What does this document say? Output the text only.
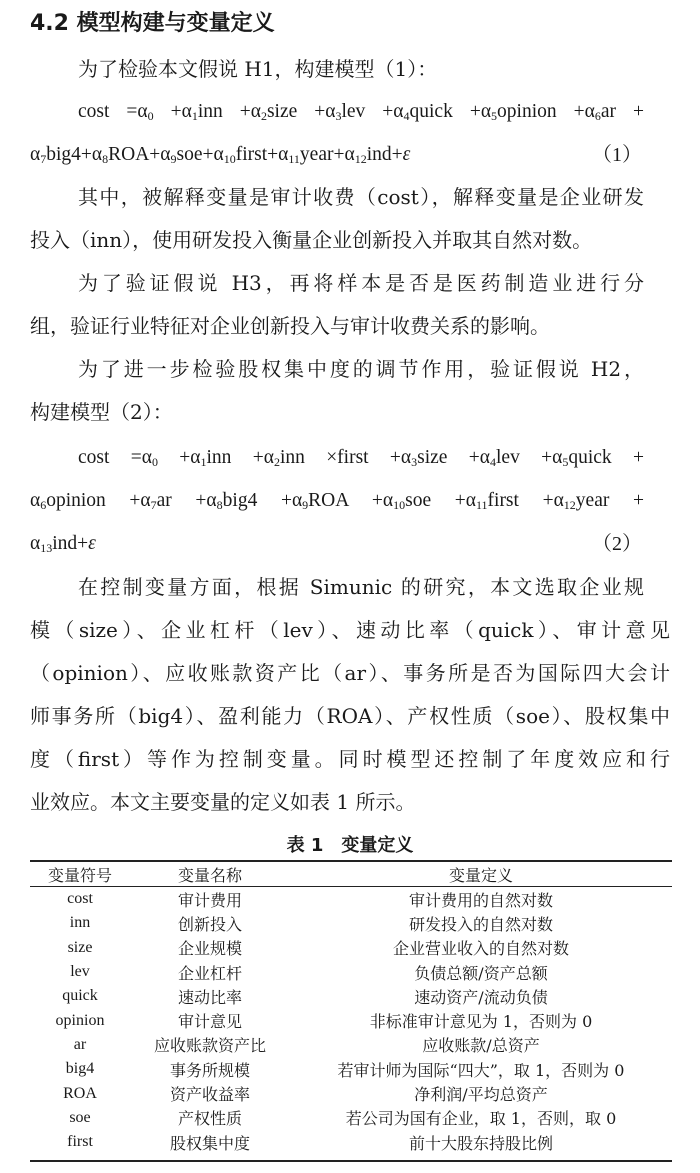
4.2 模型构建与变量定义
为了检验本文假说 H1，构建模型（1）：
$\cos t =\alpha_0 +\alpha_1inn$ $+\alpha_2size +\alpha_3lev$ $+\alpha_4quick$ $+\alpha_5opinion +\alpha_6ar$ +
$\alpha_7big4+\alpha_8ROA+\alpha_9soe+\alpha_{10}first+\alpha_{11}year+\alpha_{12}ind+\varepsilon$	（1）
其中，被解释变量是审计收费（cost），解释变量是企业研发
投入（inn），使用研发投入衡量企业创新投入并取其自然对数。
为了验证假说 H3，再将样本是否是医药制造业进行分
组，验证行业特征对企业创新投入与审计收费关系的影响。
为了进一步检验股权集中度的调节作用，验证假说 H2，
构建模型（2）：
$\cos t =\alpha_0 +\alpha_1inn +\alpha_2inn$ ×first $+\alpha_3size +\alpha_4lev$ $+\alpha_5quick$ +
$\alpha_6opinion +\alpha_7ar +\alpha_8big4 +\alpha_9ROA +\alpha_{10}soe$ $+\alpha_{11}first$ $+\alpha_{12}year$ +
$\alpha_{13}ind+\varepsilon$	（2）
在控制变量方面，根据 Simunic 的研究，本文选取企业规
模（size）、企业杠杆（lev）、速动比率（quick）、审计意见
（opinion）、应收账款资产比（ar）、事务所是否为国际四大会计
师事务所（big4）、盈利能力（ROA）、产权性质（soe）、股权集中
度（first）等作为控制变量。同时模型还控制了年度效应和行
业效应。本文主要变量的定义如表 1 所示。
表 1　变量定义
变量符号	变量名称	变量定义
cost	审计费用	审计费用的自然对数
inn	创新投入	研发投入的自然对数
size	企业规模	企业营业收入的自然对数
lev	企业杠杆	负债总额/资产总额
quick	速动比率	速动资产/流动负债
opinion	审计意见	非标准审计意见为 1，否则为 0
ar	应收账款资产比	应收账款/总资产
big4	事务所规模	若审计师为国际“四大”，取 1，否则为 0
ROA	资产收益率	净利润/平均总资产
soe	产权性质	若公司为国有企业，取 1，否则，取 0
first	股权集中度	前十大股东持股比例
